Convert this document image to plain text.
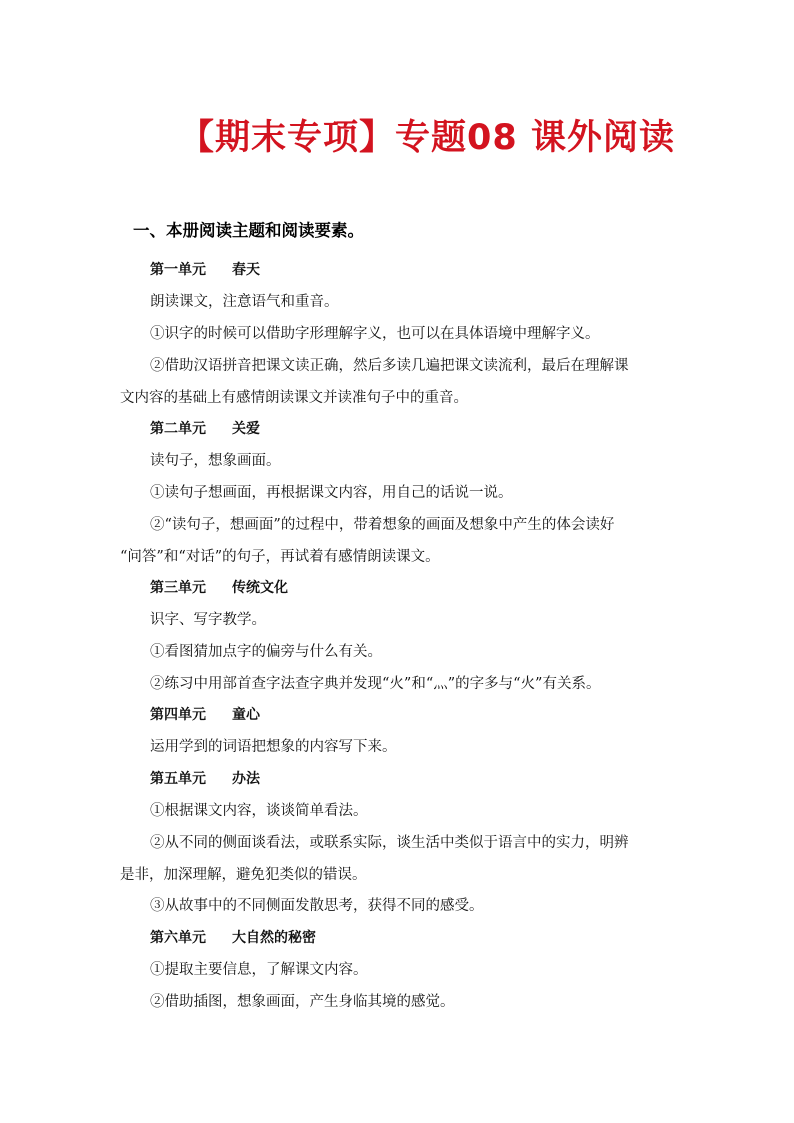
【期末专项】专题08 课外阅读
一、本册阅读主题和阅读要素。
第一单元 春天
朗读课文，注意语气和重音。
①识字的时候可以借助字形理解字义，也可以在具体语境中理解字义。
②借助汉语拼音把课文读正确，然后多读几遍把课文读流利，最后在理解课
文内容的基础上有感情朗读课文并读准句子中的重音。
第二单元 关爱
读句子，想象画面。
①读句子想画面，再根据课文内容，用自己的话说一说。
②“读句子，想画面”的过程中，带着想象的画面及想象中产生的体会读好
“问答”和“对话”的句子，再试着有感情朗读课文。
第三单元 传统文化
识字、写字教学。
①看图猜加点字的偏旁与什么有关。
②练习中用部首查字法查字典并发现“火”和“灬”的字多与“火”有关系。
第四单元 童心
运用学到的词语把想象的内容写下来。
第五单元 办法
①根据课文内容，谈谈简单看法。
②从不同的侧面谈看法，或联系实际，谈生活中类似于语言中的实力，明辨
是非，加深理解，避免犯类似的错误。
③从故事中的不同侧面发散思考，获得不同的感受。
第六单元 大自然的秘密
①提取主要信息，了解课文内容。
②借助插图，想象画面，产生身临其境的感觉。
